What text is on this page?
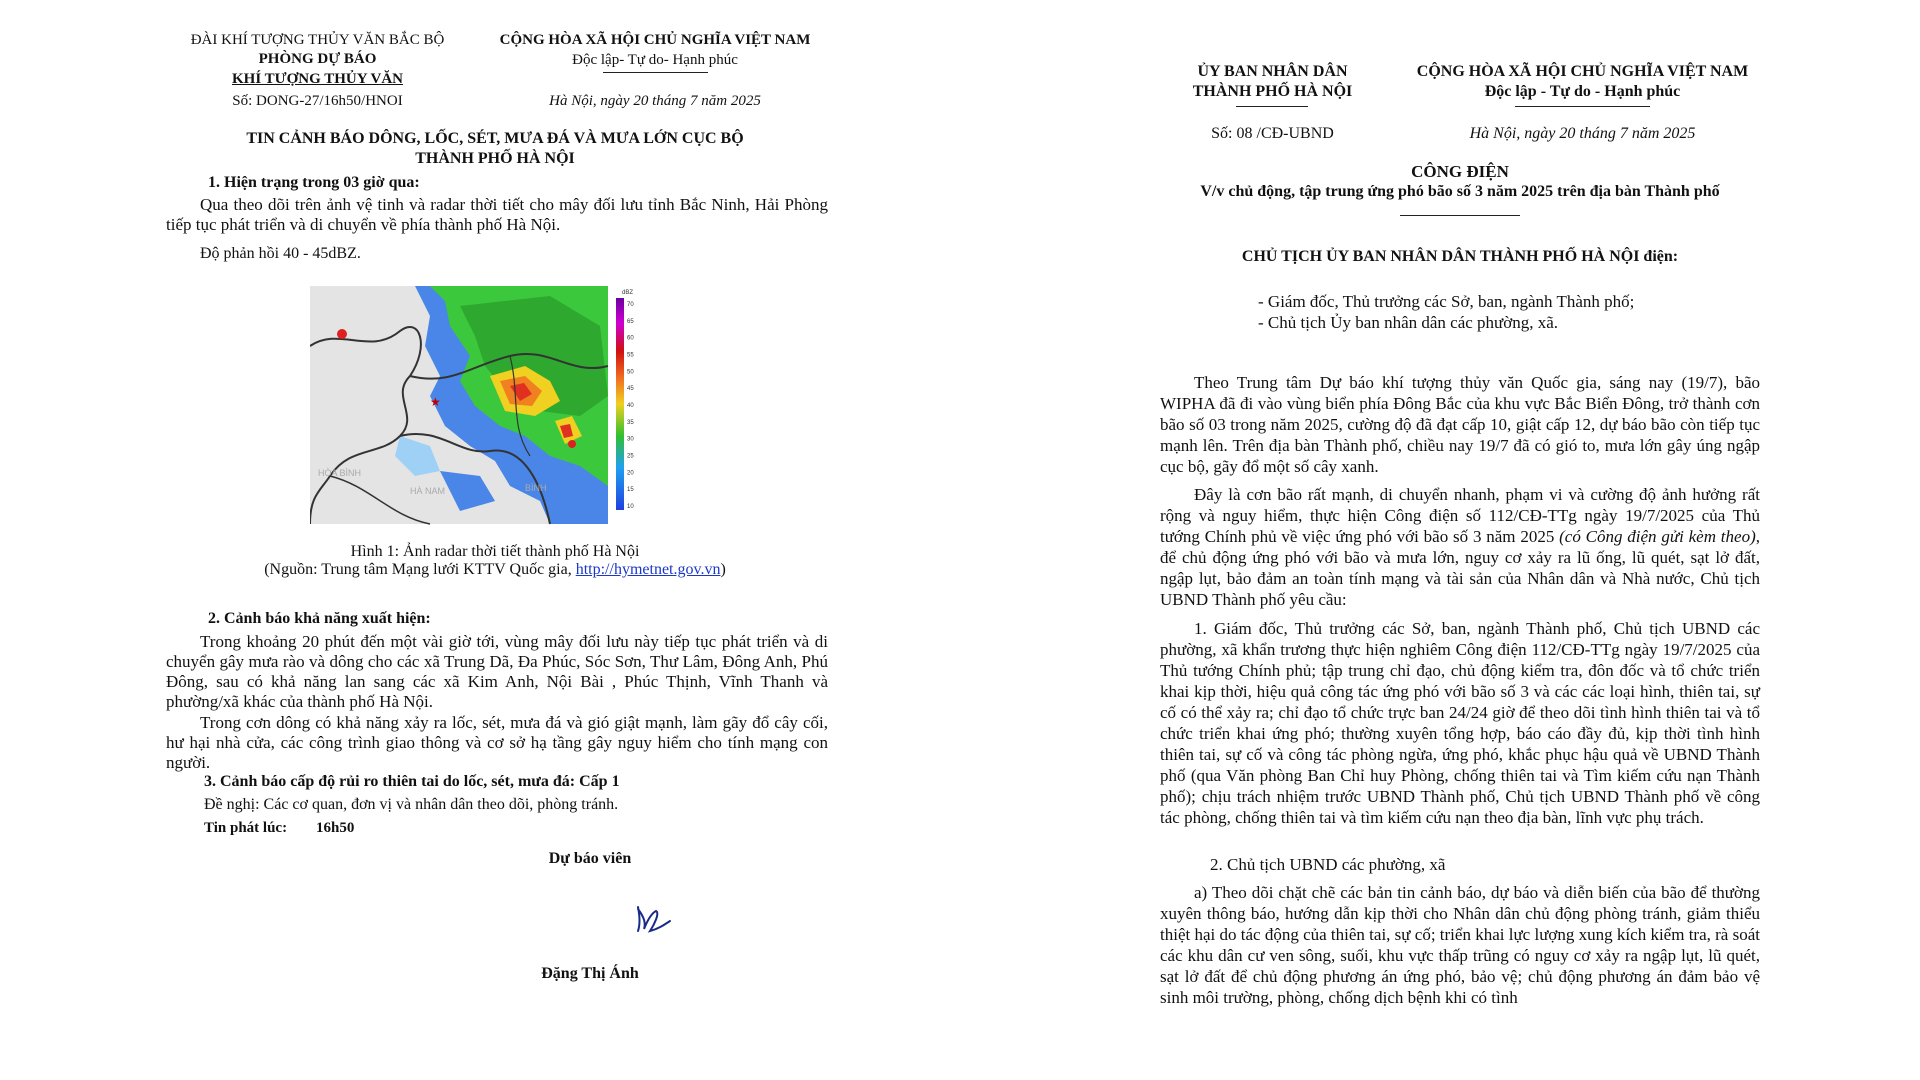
ĐÀI KHÍ TƯỢNG THỦY VĂN BẮC BỘ
PHÒNG DỰ BÁO
KHÍ TƯỢNG THỦY VĂN
Số: DONG-27/16h50/HNOI
CỘNG HÒA XÃ HỘI CHỦ NGHĨA VIỆT NAM
Độc lập- Tự do- Hạnh phúc
Hà Nội, ngày 20 tháng 7 năm 2025
TIN CẢNH BÁO DÔNG, LỐC, SÉT, MƯA ĐÁ VÀ MƯA LỚN CỤC BỘ
THÀNH PHỐ HÀ NỘI
1. Hiện trạng trong 03 giờ qua:
Qua theo dõi trên ảnh vệ tinh và radar thời tiết cho mây đối lưu tỉnh Bắc Ninh, Hải Phòng tiếp tục phát triển và di chuyển về phía thành phố Hà Nội.
Độ phản hồi 40 - 45dBZ.
★
HÒA BÌNH
BÌNH
HÀ NAM
dBZ
70
65
60
55
50
45
40
35
30
25
20
15
10
Hình 1: Ảnh radar thời tiết thành phố Hà Nội
(Nguồn: Trung tâm Mạng lưới KTTV Quốc gia, http://hymetnet.gov.vn)
2. Cảnh báo khả năng xuất hiện:
Trong khoảng 20 phút đến một vài giờ tới, vùng mây đối lưu này tiếp tục phát triển và di chuyển gây mưa rào và dông cho các xã Trung Dã, Đa Phúc, Sóc Sơn, Thư Lâm, Đông Anh, Phú Đông, sau có khả năng lan sang các xã Kim Anh, Nội Bài , Phúc Thịnh, Vĩnh Thanh và phường/xã khác của thành phố Hà Nội.
Trong cơn dông có khả năng xảy ra lốc, sét, mưa đá và gió giật mạnh, làm gãy đổ cây cối, hư hại nhà cửa, các công trình giao thông và cơ sở hạ tầng gây nguy hiểm cho tính mạng con người.
3. Cảnh báo cấp độ rủi ro thiên tai do lốc, sét, mưa đá: Cấp 1
Đề nghị: Các cơ quan, đơn vị và nhân dân theo dõi, phòng tránh.
Tin phát lúc: 16h50
Dự báo viên
Đặng Thị Ánh
ỦY BAN NHÂN DÂN
THÀNH PHỐ HÀ NỘI
Số: 08 /CĐ-UBND
CỘNG HÒA XÃ HỘI CHỦ NGHĨA VIỆT NAM
Độc lập - Tự do - Hạnh phúc
Hà Nội, ngày 20 tháng 7 năm 2025
CÔNG ĐIỆN
V/v chủ động, tập trung ứng phó bão số 3 năm 2025 trên địa bàn Thành phố
CHỦ TỊCH ỦY BAN NHÂN DÂN THÀNH PHỐ HÀ NỘI điện:
- Giám đốc, Thủ trưởng các Sở, ban, ngành Thành phố;
- Chủ tịch Ủy ban nhân dân các phường, xã.
Theo Trung tâm Dự báo khí tượng thủy văn Quốc gia, sáng nay (19/7), bão WIPHA đã đi vào vùng biển phía Đông Bắc của khu vực Bắc Biển Đông, trở thành cơn bão số 03 trong năm 2025, cường độ đã đạt cấp 10, giật cấp 12, dự báo bão còn tiếp tục mạnh lên. Trên địa bàn Thành phố, chiều nay 19/7 đã có gió to, mưa lớn gây úng ngập cục bộ, gãy đổ một số cây xanh.
Đây là cơn bão rất mạnh, di chuyển nhanh, phạm vi và cường độ ảnh hưởng rất rộng và nguy hiểm, thực hiện Công điện số 112/CĐ-TTg ngày 19/7/2025 của Thủ tướng Chính phủ về việc ứng phó với bão số 3 năm 2025 (có Công điện gửi kèm theo), để chủ động ứng phó với bão và mưa lớn, nguy cơ xảy ra lũ ống, lũ quét, sạt lở đất, ngập lụt, bảo đảm an toàn tính mạng và tài sản của Nhân dân và Nhà nước, Chủ tịch UBND Thành phố yêu cầu:
1. Giám đốc, Thủ trưởng các Sở, ban, ngành Thành phố, Chủ tịch UBND các phường, xã khẩn trương thực hiện nghiêm Công điện 112/CĐ-TTg ngày 19/7/2025 của Thủ tướng Chính phủ; tập trung chỉ đạo, chủ động kiểm tra, đôn đốc và tổ chức triển khai kịp thời, hiệu quả công tác ứng phó với bão số 3 và các các loại hình, thiên tai, sự cố có thể xảy ra; chỉ đạo tổ chức trực ban 24/24 giờ để theo dõi tình hình thiên tai và tổ chức triển khai ứng phó; thường xuyên tổng hợp, báo cáo đầy đủ, kịp thời tình hình thiên tai, sự cố và công tác phòng ngừa, ứng phó, khắc phục hậu quả về UBND Thành phố (qua Văn phòng Ban Chỉ huy Phòng, chống thiên tai và Tìm kiếm cứu nạn Thành phố); chịu trách nhiệm trước UBND Thành phố, Chủ tịch UBND Thành phố về công tác phòng, chống thiên tai và tìm kiếm cứu nạn theo địa bàn, lĩnh vực phụ trách.
2. Chủ tịch UBND các phường, xã
a) Theo dõi chặt chẽ các bản tin cảnh báo, dự báo và diễn biến của bão để thường xuyên thông báo, hướng dẫn kịp thời cho Nhân dân chủ động phòng tránh, giảm thiểu thiệt hại do tác động của thiên tai, sự cố; triển khai lực lượng xung kích kiểm tra, rà soát các khu dân cư ven sông, suối, khu vực thấp trũng có nguy cơ xảy ra ngập lụt, lũ quét, sạt lở đất để chủ động phương án ứng phó, bảo vệ; chủ động phương án đảm bảo vệ sinh môi trường, phòng, chống dịch bệnh khi có tình
